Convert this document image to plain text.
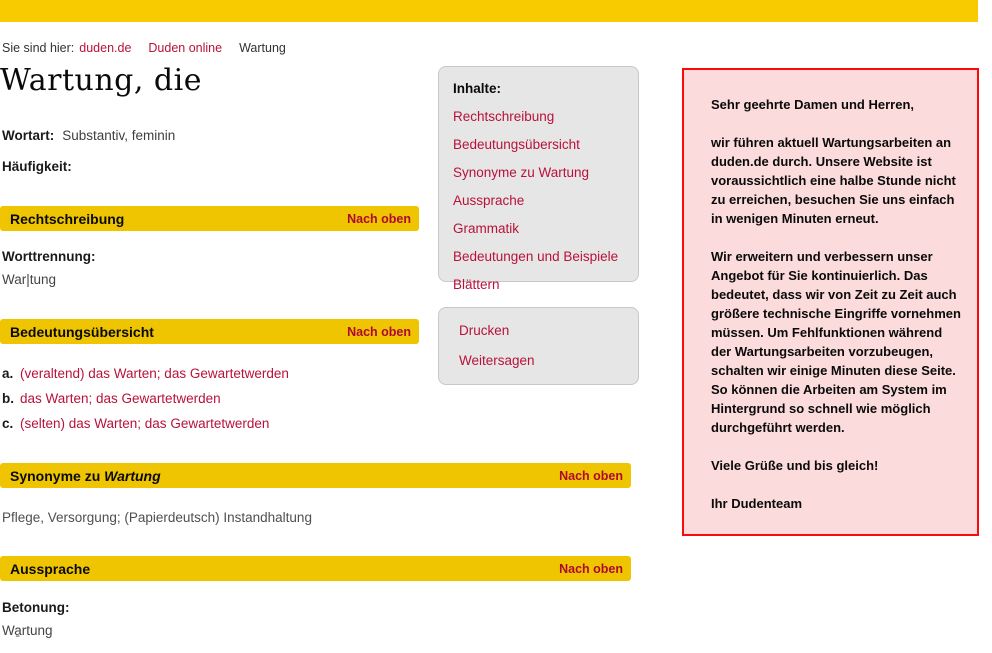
Sie sind hier: duden.de Duden online Wartung
Wartung, die
Wortart: Substantiv, feminin
Häufigkeit:
Rechtschreibung	Nach oben
Worttrennung:
War|tung
Bedeutungsübersicht	Nach oben
a. (veraltend) das Warten; das Gewartetwerden
b. das Warten; das Gewartetwerden
c. (selten) das Warten; das Gewartetwerden
Synonyme zu Wartung	Nach oben
Pflege, Versorgung; (Papierdeutsch) Instandhaltung
Aussprache	Nach oben
Betonung:
Wa̱rtung
Inhalte:
Rechtschreibung
Bedeutungsübersicht
Synonyme zu Wartung
Aussprache
Grammatik
Bedeutungen und Beispiele
Blättern
Drucken
Weitersagen

Sehr geehrte Damen und Herren,

wir führen aktuell Wartungsarbeiten an duden.de durch. Unsere Website ist voraussichtlich eine halbe Stunde nicht zu erreichen, besuchen Sie uns einfach in wenigen Minuten erneut.

Wir erweitern und verbessern unser Angebot für Sie kontinuierlich. Das bedeutet, dass wir von Zeit zu Zeit auch größere technische Eingriffe vornehmen müssen. Um Fehlfunktionen während der Wartungsarbeiten vorzubeugen, schalten wir einige Minuten diese Seite. So können die Arbeiten am System im Hintergrund so schnell wie möglich durchgeführt werden.

Viele Grüße und bis gleich!

Ihr Dudenteam
